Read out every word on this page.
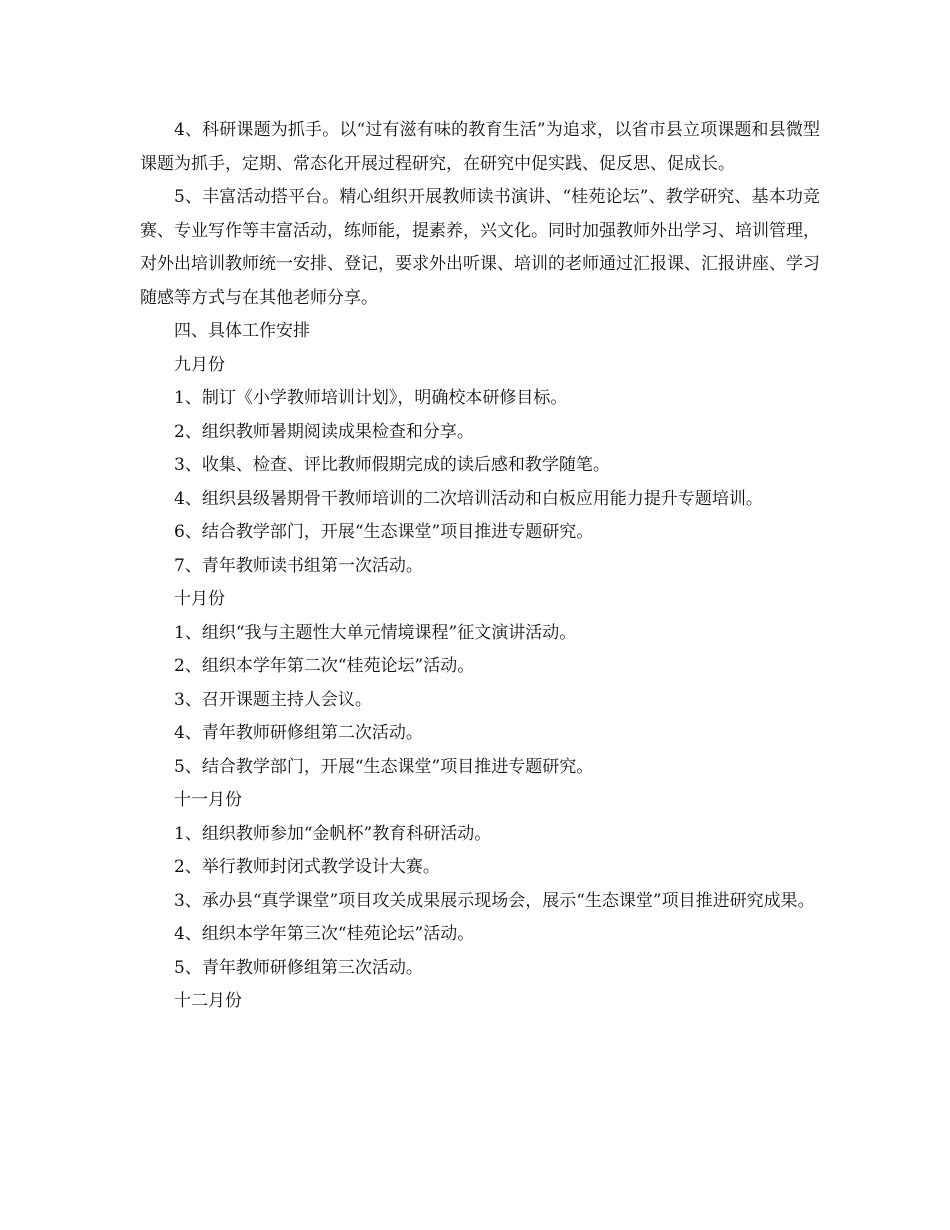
4、科研课题为抓手。以“过有滋有味的教育生活”为追求，以省市县立项课题和县微型课题为抓手，定期、常态化开展过程研究，在研究中促实践、促反思、促成长。

5、丰富活动搭平台。精心组织开展教师读书演讲、“桂苑论坛”、教学研究、基本功竞赛、专业写作等丰富活动，练师能，提素养，兴文化。同时加强教师外出学习、培训管理，对外出培训教师统一安排、登记，要求外出听课、培训的老师通过汇报课、汇报讲座、学习随感等方式与在其他老师分享。

四、具体工作安排

九月份

1、制订《小学教师培训计划》，明确校本研修目标。

2、组织教师暑期阅读成果检查和分享。

3、收集、检查、评比教师假期完成的读后感和教学随笔。

4、组织县级暑期骨干教师培训的二次培训活动和白板应用能力提升专题培训。

6、结合教学部门，开展“生态课堂”项目推进专题研究。

7、青年教师读书组第一次活动。

十月份

1、组织“我与主题性大单元情境课程”征文演讲活动。

2、组织本学年第二次“桂苑论坛”活动。

3、召开课题主持人会议。

4、青年教师研修组第二次活动。

5、结合教学部门，开展“生态课堂”项目推进专题研究。

十一月份

1、组织教师参加“金帆杯”教育科研活动。

2、举行教师封闭式教学设计大赛。

3、承办县“真学课堂”项目攻关成果展示现场会，展示“生态课堂”项目推进研究成果。

4、组织本学年第三次“桂苑论坛”活动。

5、青年教师研修组第三次活动。

十二月份
